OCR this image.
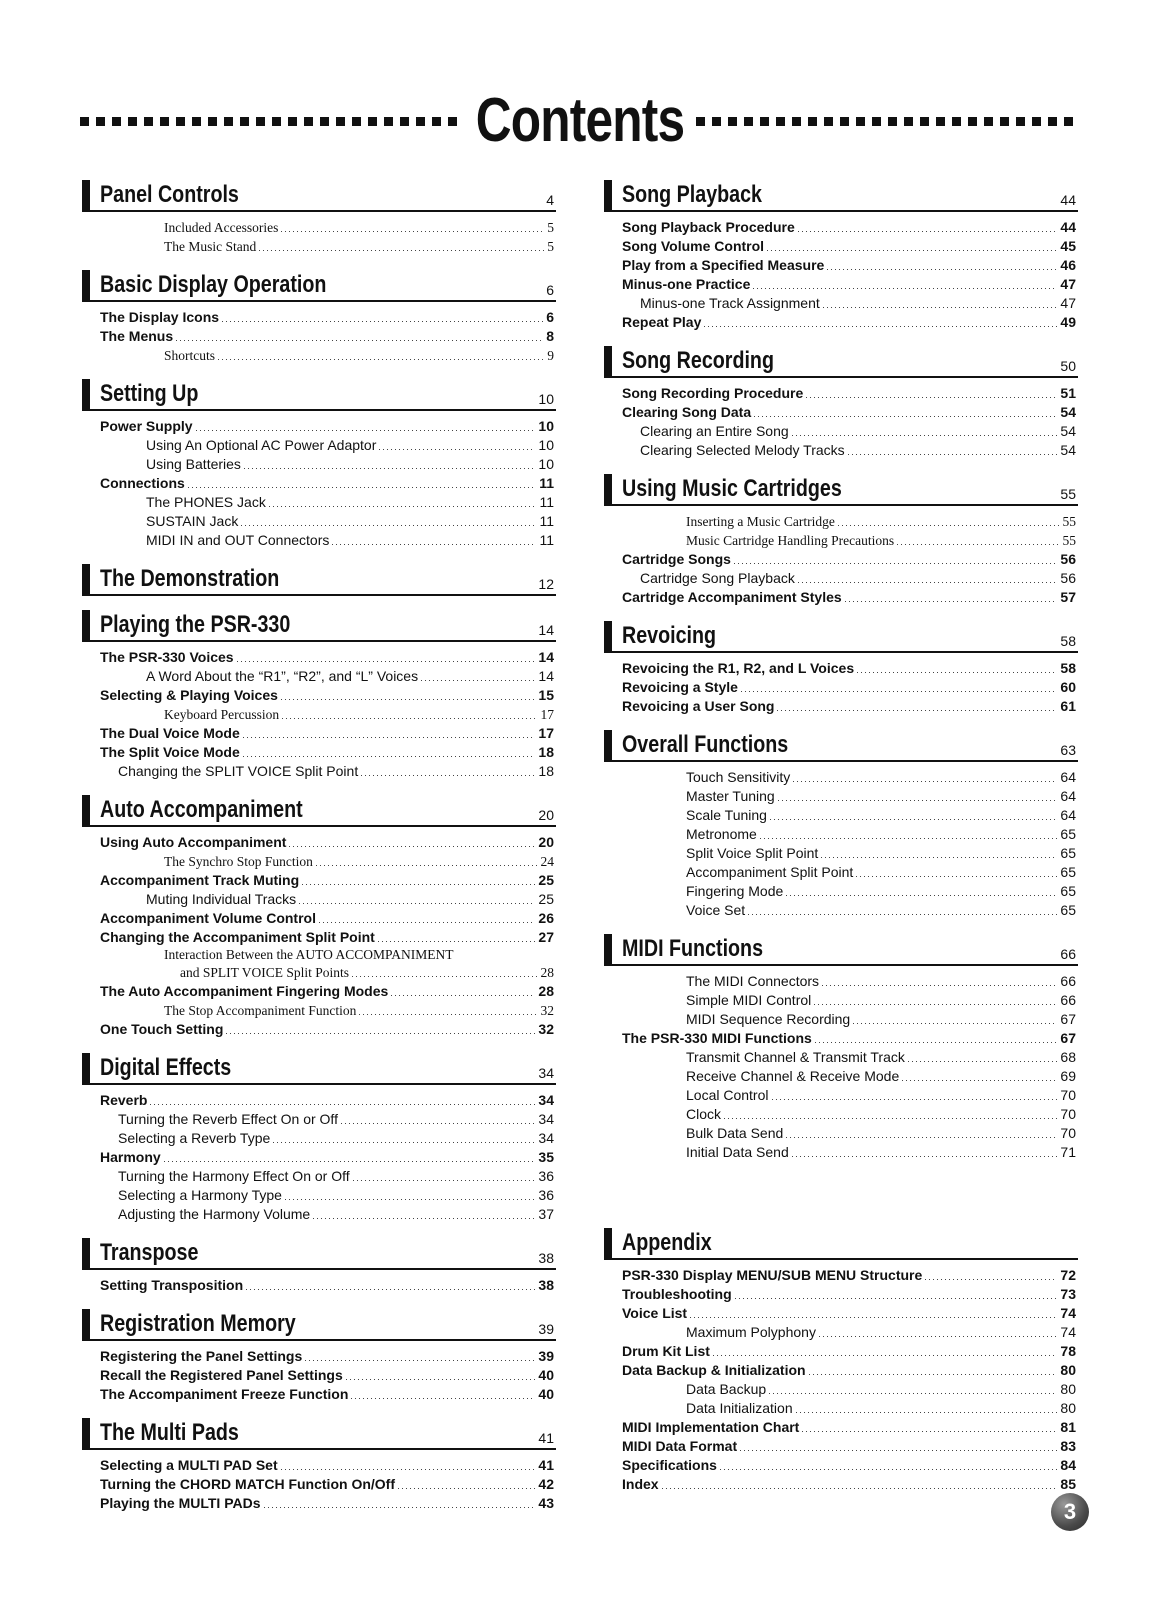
Contents
Panel Controls	4
Included Accessories	5
The Music Stand	5
Basic Display Operation	6
The Display Icons	6
The Menus	8
Shortcuts	9
Setting Up	10
Power Supply	10
Using An Optional AC Power Adaptor	10
Using Batteries	10
Connections	11
The PHONES Jack	11
SUSTAIN Jack	11
MIDI IN and OUT Connectors	11
The Demonstration	12
Playing the PSR-330	14
The PSR-330 Voices	14
A Word About the “R1”, “R2”, and “L” Voices	14
Selecting & Playing Voices	15
Keyboard Percussion	17
The Dual Voice Mode	17
The Split Voice Mode	18
Changing the SPLIT VOICE Split Point	18
Auto Accompaniment	20
Using Auto Accompaniment	20
The Synchro Stop Function	24
Accompaniment Track Muting	25
Muting Individual Tracks	25
Accompaniment Volume Control	26
Changing the Accompaniment Split Point	27
Interaction Between the AUTO ACCOMPANIMENT
and SPLIT VOICE Split Points	28
The Auto Accompaniment Fingering Modes	28
The Stop Accompaniment Function	32
One Touch Setting	32
Digital Effects	34
Reverb	34
Turning the Reverb Effect On or Off	34
Selecting a Reverb Type	34
Harmony	35
Turning the Harmony Effect On or Off	36
Selecting a Harmony Type	36
Adjusting the Harmony Volume	37
Transpose	38
Setting Transposition	38
Registration Memory	39
Registering the Panel Settings	39
Recall the Registered Panel Settings	40
The Accompaniment Freeze Function	40
The Multi Pads	41
Selecting a MULTI PAD Set	41
Turning the CHORD MATCH Function On/Off	42
Playing the MULTI PADs	43
Song Playback	44
Song Playback Procedure	44
Song Volume Control	45
Play from a Specified Measure	46
Minus-one Practice	47
Minus-one Track Assignment	47
Repeat Play	49
Song Recording	50
Song Recording Procedure	51
Clearing Song Data	54
Clearing an Entire Song	54
Clearing Selected Melody Tracks	54
Using Music Cartridges	55
Inserting a Music Cartridge	55
Music Cartridge Handling Precautions	55
Cartridge Songs	56
Cartridge Song Playback	56
Cartridge Accompaniment Styles	57
Revoicing	58
Revoicing the R1, R2, and L Voices	58
Revoicing a Style	60
Revoicing a User Song	61
Overall Functions	63
Touch Sensitivity	64
Master Tuning	64
Scale Tuning	64
Metronome	65
Split Voice Split Point	65
Accompaniment Split Point	65
Fingering Mode	65
Voice Set	65
MIDI Functions	66
The MIDI Connectors	66
Simple MIDI Control	66
MIDI Sequence Recording	67
The PSR-330 MIDI Functions	67
Transmit Channel & Transmit Track	68
Receive Channel & Receive Mode	69
Local Control	70
Clock	70
Bulk Data Send	70
Initial Data Send	71
Appendix
PSR-330 Display MENU/SUB MENU Structure	72
Troubleshooting	73
Voice List	74
Maximum Polyphony	74
Drum Kit List	78
Data Backup & Initialization	80
Data Backup	80
Data Initialization	80
MIDI Implementation Chart	81
MIDI Data Format	83
Specifications	84
Index	85
3
